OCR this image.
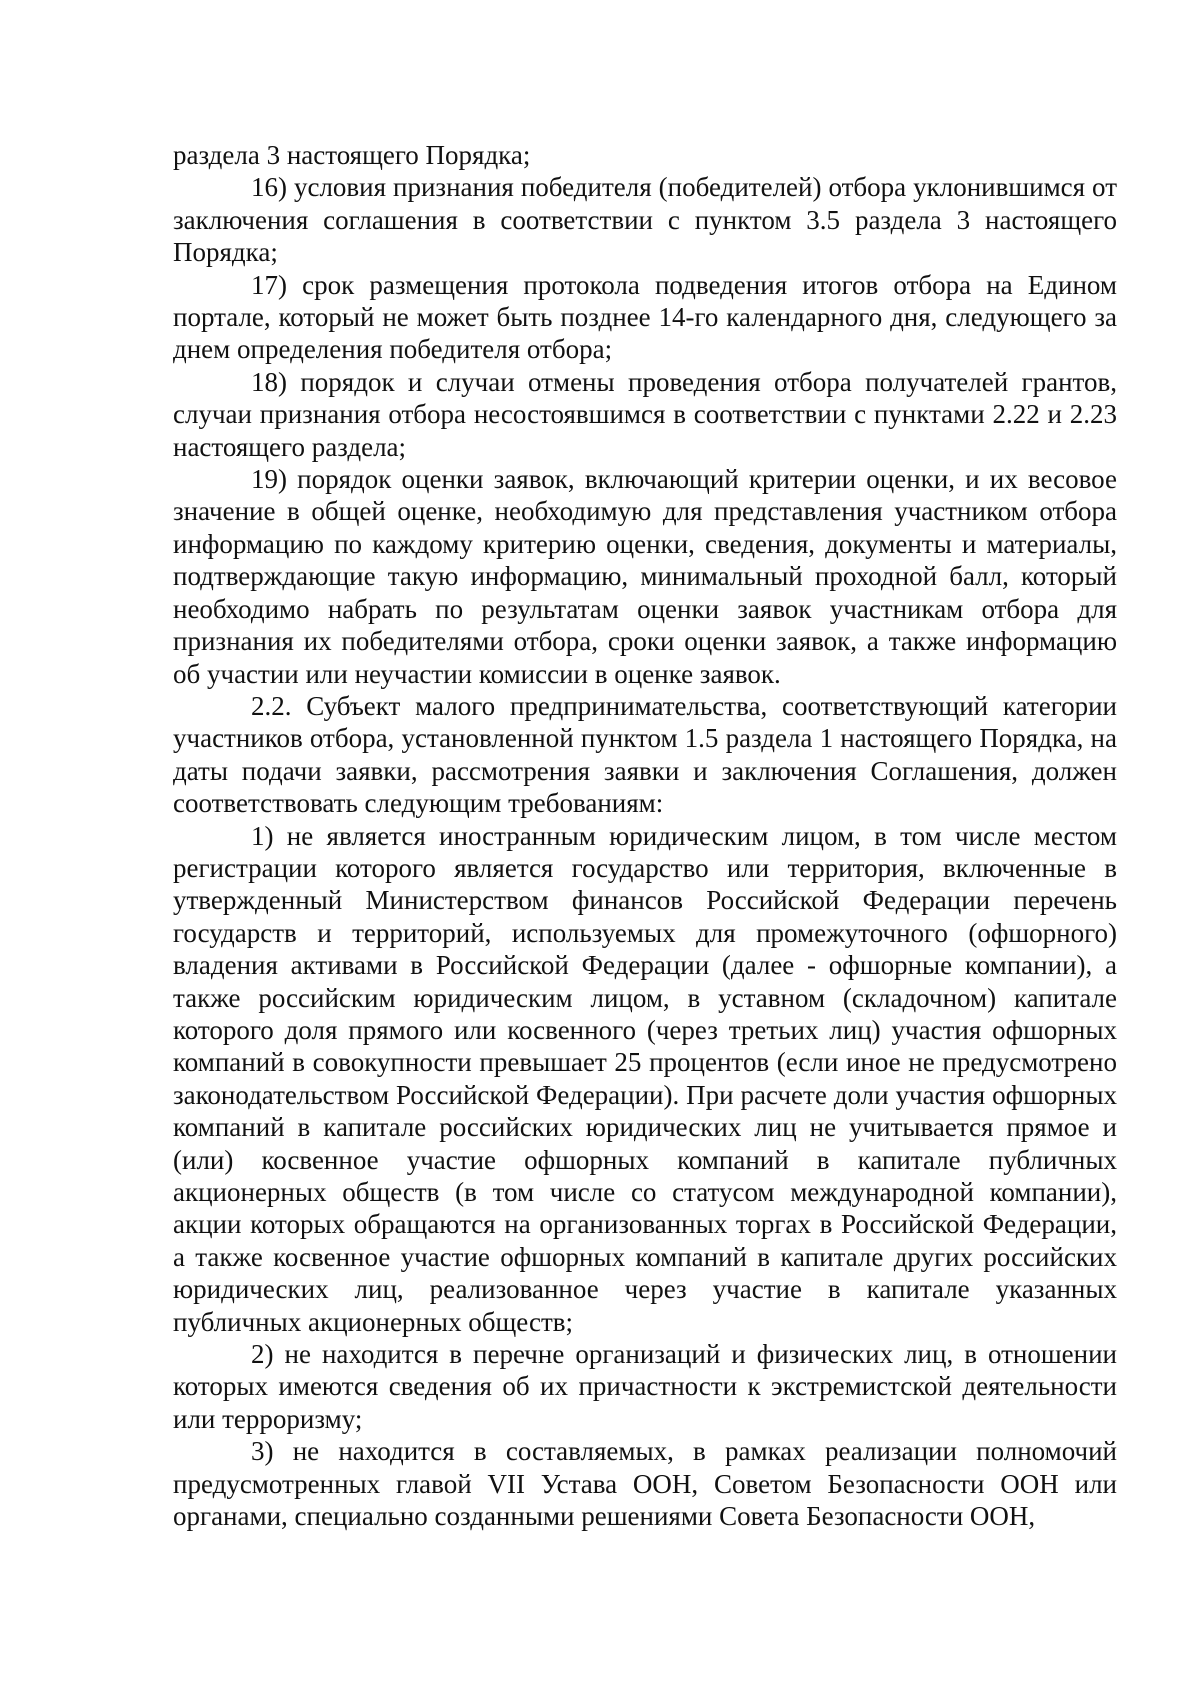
раздела 3 настоящего Порядка;

16) условия признания победителя (победителей) отбора уклонившимся от заключения соглашения в соответствии с пунктом 3.5 раздела 3 настоящего Порядка;

17) срок размещения протокола подведения итогов отбора на Едином портале, который не может быть позднее 14-го календарного дня, следующего за днем определения победителя отбора;

18) порядок и случаи отмены проведения отбора получателей грантов, случаи признания отбора несостоявшимся в соответствии с пунктами 2.22 и 2.23 настоящего раздела;

19) порядок оценки заявок, включающий критерии оценки, и их весовое значение в общей оценке, необходимую для представления участником отбора информацию по каждому критерию оценки, сведения, документы и материалы, подтверждающие такую информацию, минимальный проходной балл, который необходимо набрать по результатам оценки заявок участникам отбора для признания их победителями отбора, сроки оценки заявок, а также информацию об участии или неучастии комиссии в оценке заявок.

2.2. Субъект малого предпринимательства, соответствующий категории участников отбора, установленной пунктом 1.5 раздела 1 настоящего Порядка, на даты подачи заявки, рассмотрения заявки и заключения Соглашения, должен соответствовать следующим требованиям:

1) не является иностранным юридическим лицом, в том числе местом регистрации которого является государство или территория, включенные в утвержденный Министерством финансов Российской Федерации перечень государств и территорий, используемых для промежуточного (офшорного) владения активами в Российской Федерации (далее - офшорные компании), а также российским юридическим лицом, в уставном (складочном) капитале которого доля прямого или косвенного (через третьих лиц) участия офшорных компаний в совокупности превышает 25 процентов (если иное не предусмотрено законодательством Российской Федерации). При расчете доли участия офшорных компаний в капитале российских юридических лиц не учитывается прямое и (или) косвенное участие офшорных компаний в капитале публичных акционерных обществ (в том числе со статусом международной компании), акции которых обращаются на организованных торгах в Российской Федерации, а также косвенное участие офшорных компаний в капитале других российских юридических лиц, реализованное через участие в капитале указанных публичных акционерных обществ;

2) не находится в перечне организаций и физических лиц, в отношении которых имеются сведения об их причастности к экстремистской деятельности или терроризму;

3) не находится в составляемых, в рамках реализации полномочий предусмотренных главой VII Устава ООН, Советом Безопасности ООН или органами, специально созданными решениями Совета Безопасности ООН,
